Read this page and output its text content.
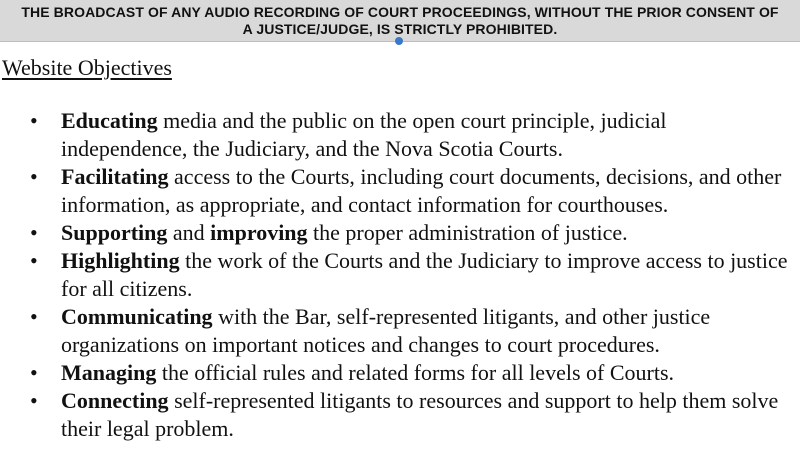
THE BROADCAST OF ANY AUDIO RECORDING OF COURT PROCEEDINGS, WITHOUT THE PRIOR CONSENT OF A JUSTICE/JUDGE, IS STRICTLY PROHIBITED.
Website Objectives
• Educating media and the public on the open court principle, judicial independence, the Judiciary, and the Nova Scotia Courts.
• Facilitating access to the Courts, including court documents, decisions, and other information, as appropriate, and contact information for courthouses.
• Supporting and improving the proper administration of justice.
• Highlighting the work of the Courts and the Judiciary to improve access to justice for all citizens.
• Communicating with the Bar, self-represented litigants, and other justice organizations on important notices and changes to court procedures.
• Managing the official rules and related forms for all levels of Courts.
• Connecting self-represented litigants to resources and support to help them solve their legal problem.
